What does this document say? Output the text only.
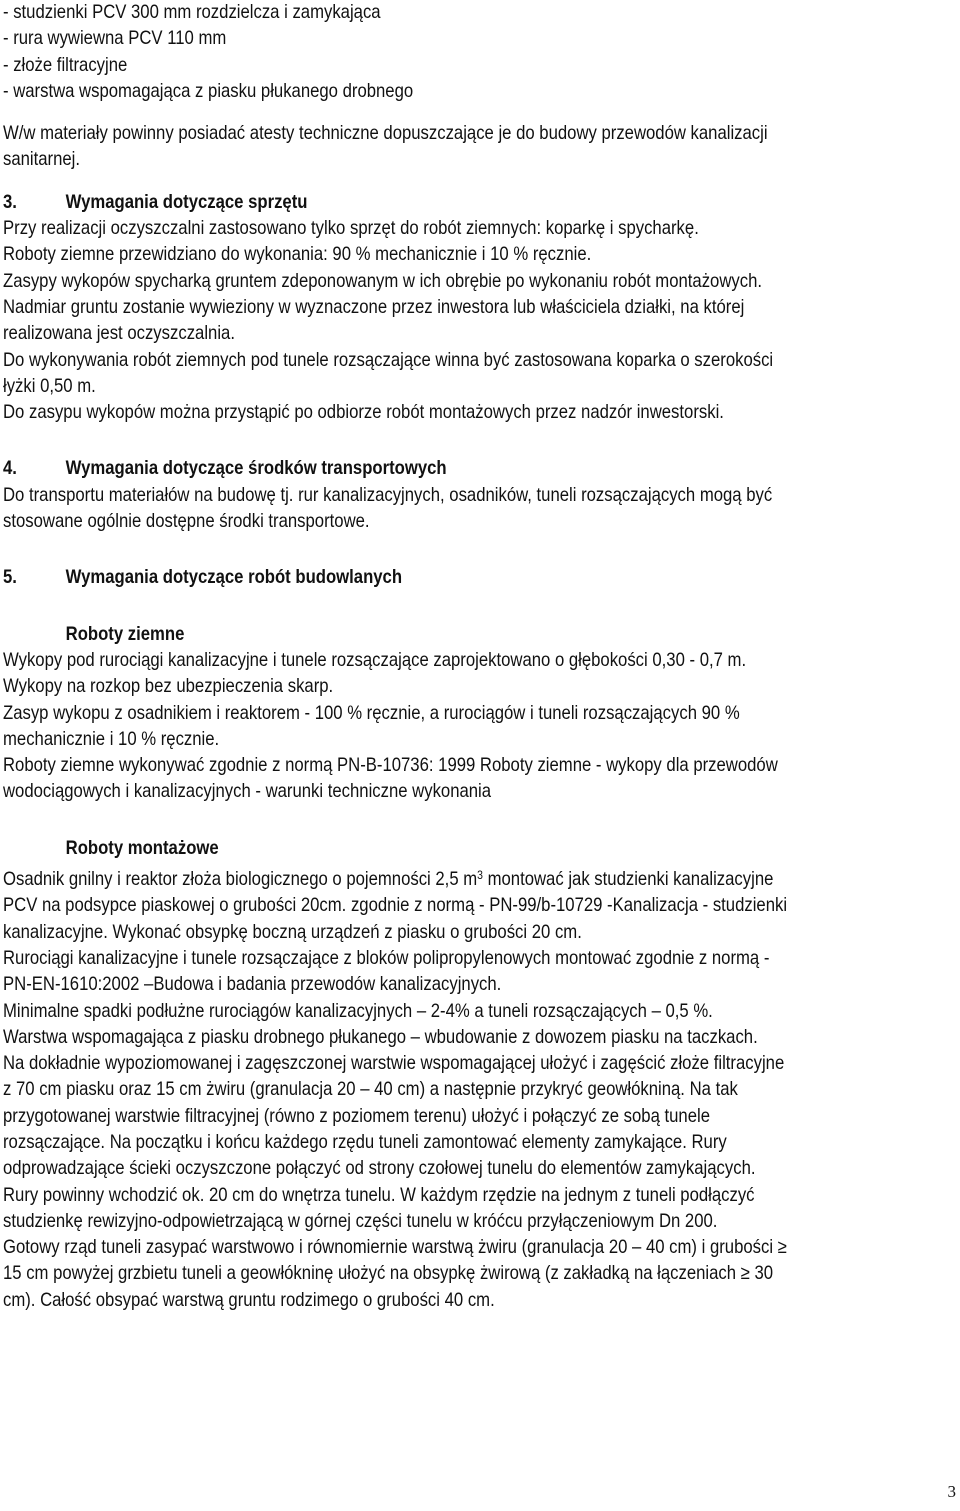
- studzienki PCV 300 mm rozdzielcza i zamykająca
- rura wywiewna PCV 110 mm
- złoże filtracyjne
- warstwa wspomagająca z piasku płukanego drobnego
W/w materiały powinny posiadać atesty techniczne dopuszczające je do budowy przewodów kanalizacji
sanitarnej.
3.	Wymagania dotyczące sprzętu
Przy realizacji oczyszczalni zastosowano tylko sprzęt do robót ziemnych: koparkę i spycharkę.
Roboty ziemne przewidziano do wykonania: 90 % mechanicznie i 10 % ręcznie.
Zasypy wykopów spycharką gruntem zdeponowanym w ich obrębie po wykonaniu robót montażowych.
Nadmiar gruntu zostanie wywieziony w wyznaczone przez inwestora lub właściciela działki, na której
realizowana jest oczyszczalnia.
Do wykonywania robót ziemnych pod tunele rozsączające winna być zastosowana koparka o szerokości
łyżki 0,50 m.
Do zasypu wykopów można przystąpić po odbiorze robót montażowych przez nadzór inwestorski.
4.	Wymagania dotyczące środków transportowych
Do transportu materiałów na budowę tj. rur kanalizacyjnych, osadników, tuneli rozsączających mogą być
stosowane ogólnie dostępne środki transportowe.
5.	Wymagania dotyczące robót budowlanych
Roboty ziemne
Wykopy pod rurociągi kanalizacyjne i tunele rozsączające zaprojektowano o głębokości 0,30 - 0,7 m.
Wykopy na rozkop bez ubezpieczenia skarp.
Zasyp wykopu z osadnikiem i reaktorem - 100 % ręcznie, a rurociągów i tuneli rozsączających 90 %
mechanicznie i 10 % ręcznie.
Roboty ziemne wykonywać zgodnie z normą PN-B-10736: 1999 Roboty ziemne - wykopy dla przewodów
wodociągowych i kanalizacyjnych - warunki techniczne wykonania
Roboty montażowe
Osadnik gnilny i reaktor złoża biologicznego o pojemności 2,5 $m^3$ montować jak studzienki kanalizacyjne
PCV na podsypce piaskowej o grubości 20cm. zgodnie z normą - PN-99/b-10729 -Kanalizacja - studzienki
kanalizacyjne. Wykonać obsypkę boczną urządzeń z piasku o grubości 20 cm.
Rurociągi kanalizacyjne i tunele rozsączające z bloków polipropylenowych montować zgodnie z normą -
PN-EN-1610:2002 –Budowa i badania przewodów kanalizacyjnych.
Minimalne spadki podłużne rurociągów kanalizacyjnych – 2-4% a tuneli rozsączających – 0,5 %.
Warstwa wspomagająca z piasku drobnego płukanego – wbudowanie z dowozem piasku na taczkach.
Na dokładnie wypoziomowanej i zagęszczonej warstwie wspomagającej ułożyć i zagęścić złoże filtracyjne
z 70 cm piasku oraz 15 cm żwiru (granulacja 20 – 40 cm) a następnie przykryć geowłókniną. Na tak
przygotowanej warstwie filtracyjnej (równo z poziomem terenu) ułożyć i połączyć ze sobą tunele
rozsączające. Na początku i końcu każdego rzędu tuneli zamontować elementy zamykające. Rury
odprowadzające ścieki oczyszczone połączyć od strony czołowej tunelu do elementów zamykających.
Rury powinny wchodzić ok. 20 cm do wnętrza tunelu. W każdym rzędzie na jednym z tuneli podłączyć
studzienkę rewizyjno-odpowietrzającą w górnej części tunelu w króćcu przyłączeniowym Dn 200.
Gotowy rząd tuneli zasypać warstwowo i równomiernie warstwą żwiru (granulacja 20 – 40 cm) i grubości ≥
15 cm powyżej grzbietu tuneli a geowłókninę ułożyć na obsypkę żwirową (z zakładką na łączeniach ≥ 30
cm). Całość obsypać warstwą gruntu rodzimego o grubości 40 cm.
3
